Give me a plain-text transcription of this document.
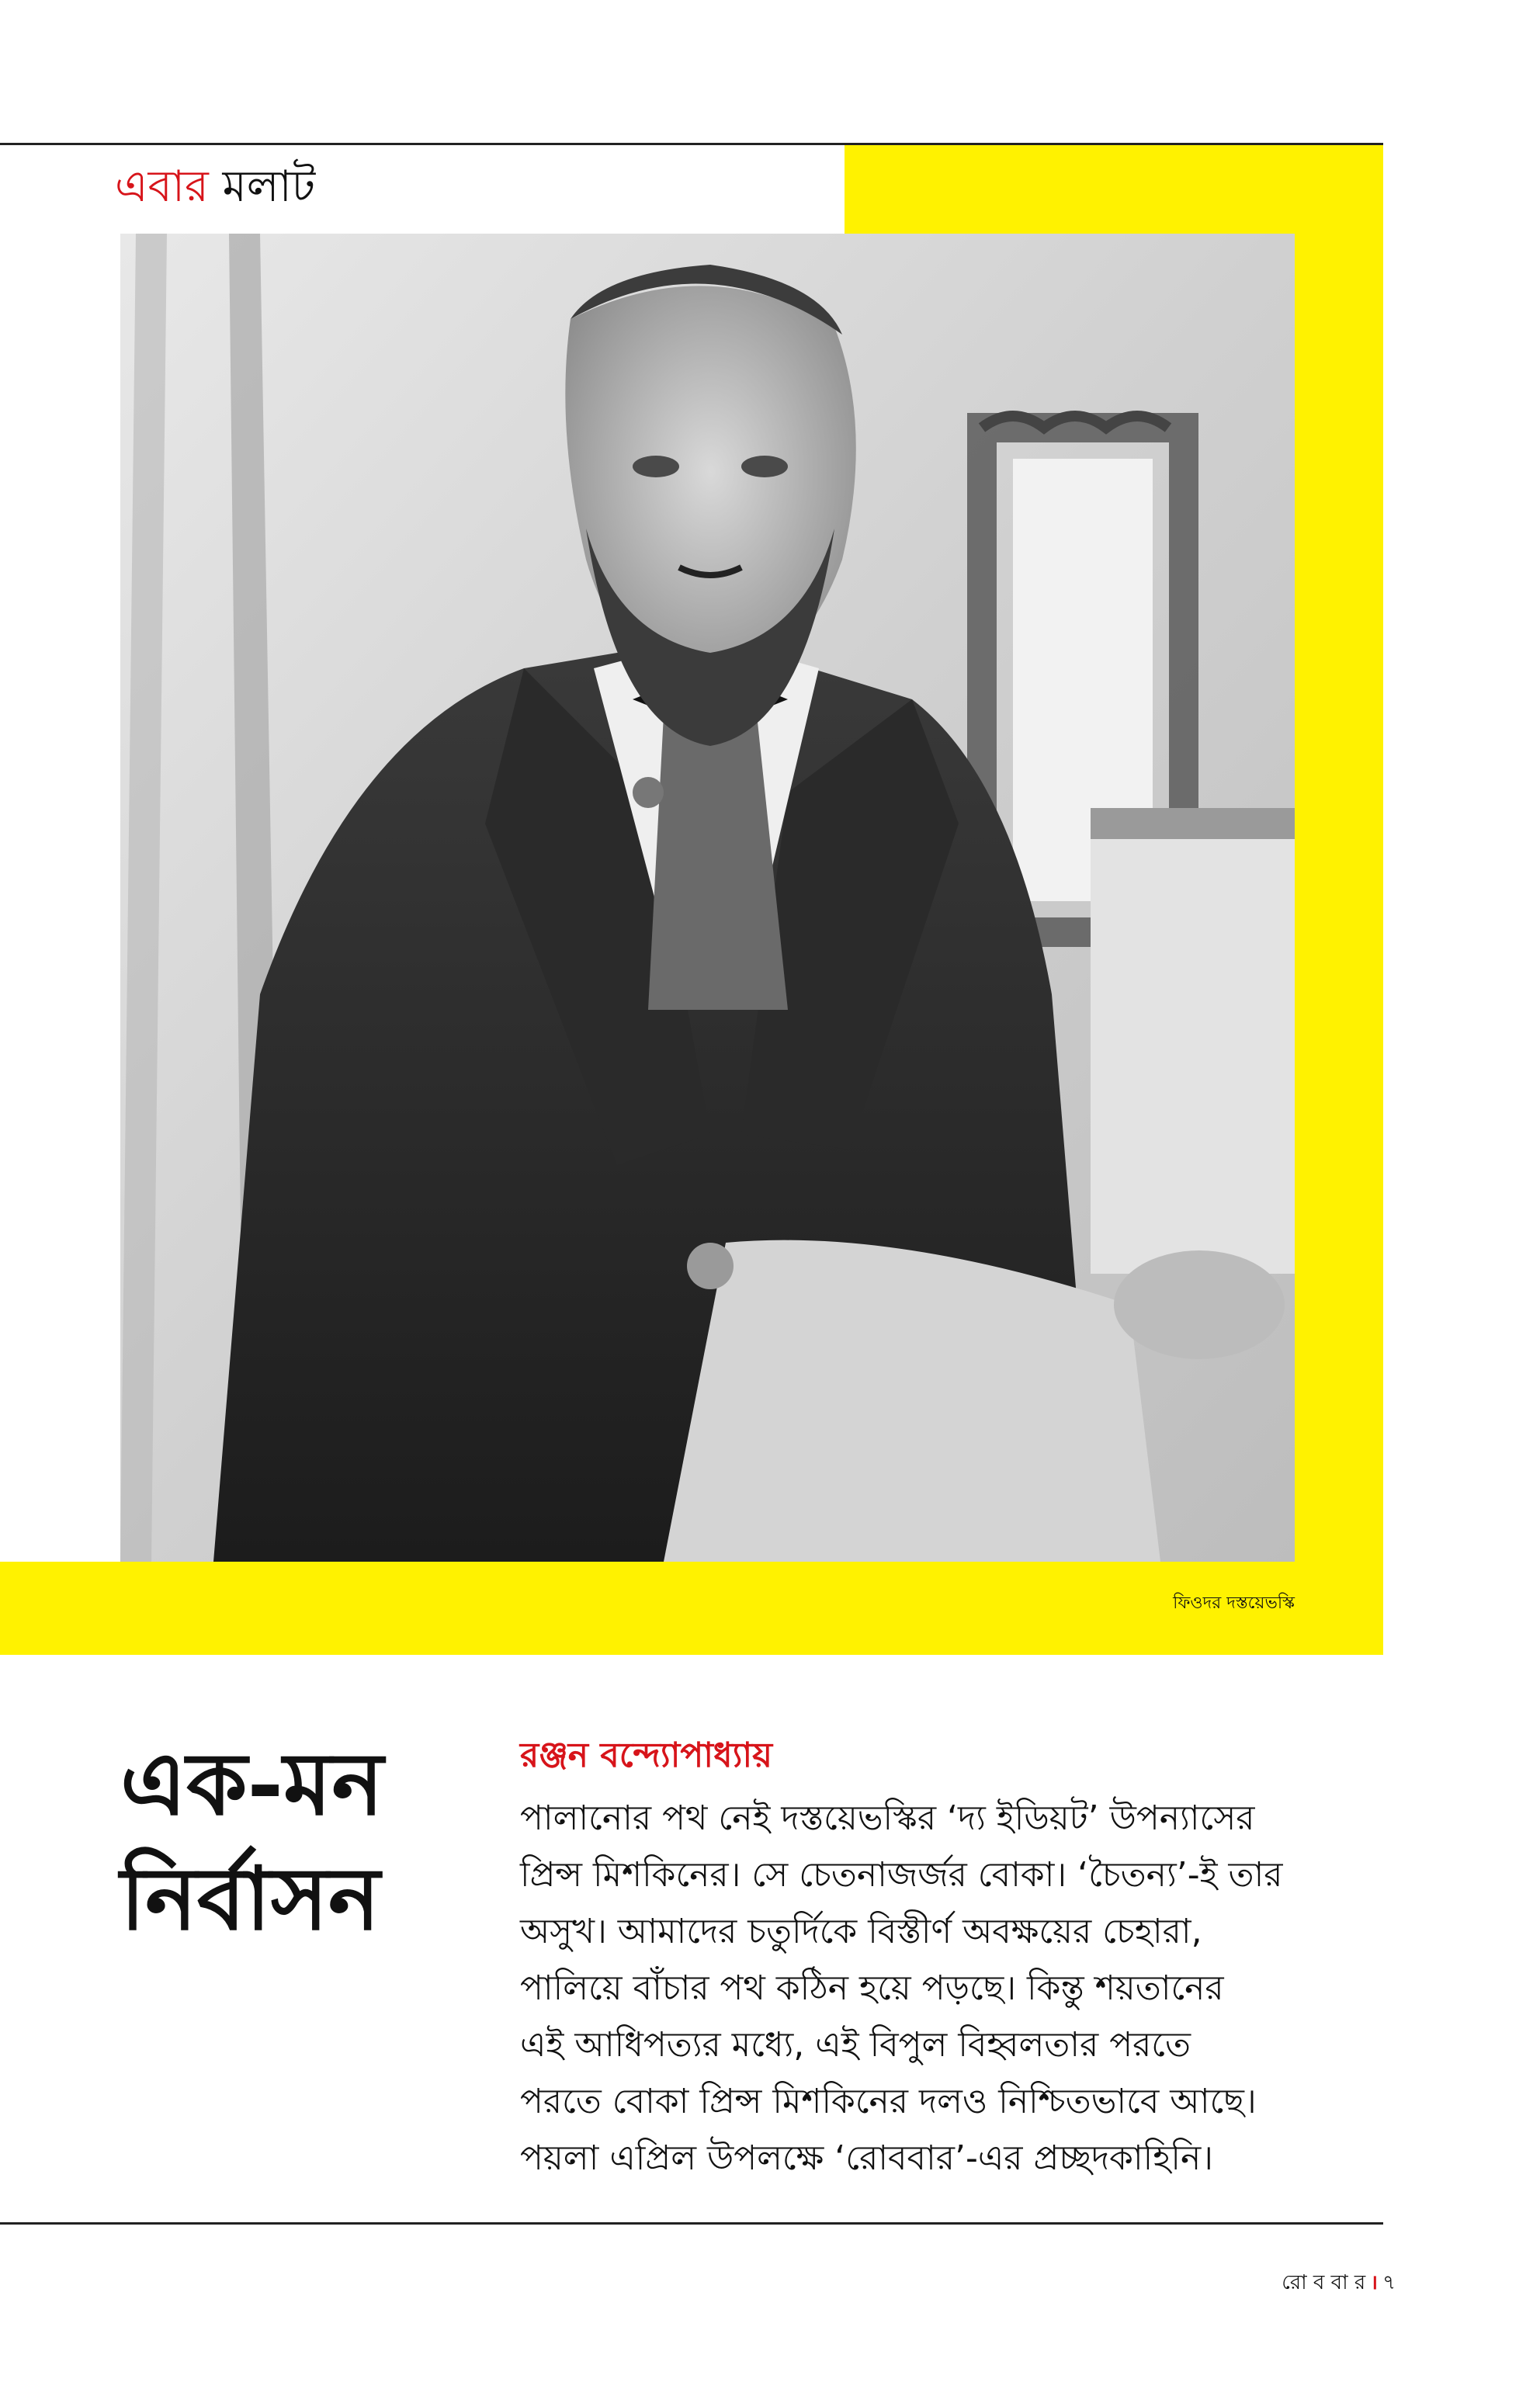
এবার মলাট
ফিওদর দস্তয়েভস্কি
এক-মন
নির্বাসন
রঞ্জন বন্দ্যোপাধ্যায়
পালানোর পথ নেই দস্তয়েভস্কির ‘দ্য ইডিয়ট’ উপন্যাসের
প্রিন্স মিশকিনের। সে চেতনাজর্জর বোকা। ‘চৈতন্য’-ই তার
অসুখ। আমাদের চতুর্দিকে বিস্তীর্ণ অবক্ষয়ের চেহারা,
পালিয়ে বাঁচার পথ কঠিন হয়ে পড়ছে। কিন্তু শয়তানের
এই আধিপত্যর মধ্যে, এই বিপুল বিহ্বলতার পরতে
পরতে বোকা প্রিন্স মিশকিনের দলও নিশ্চিতভাবে আছে।
পয়লা এপ্রিল উপলক্ষে ‘রোববার’-এর প্রচ্ছদকাহিনি।
রো ব বা র । ৭
